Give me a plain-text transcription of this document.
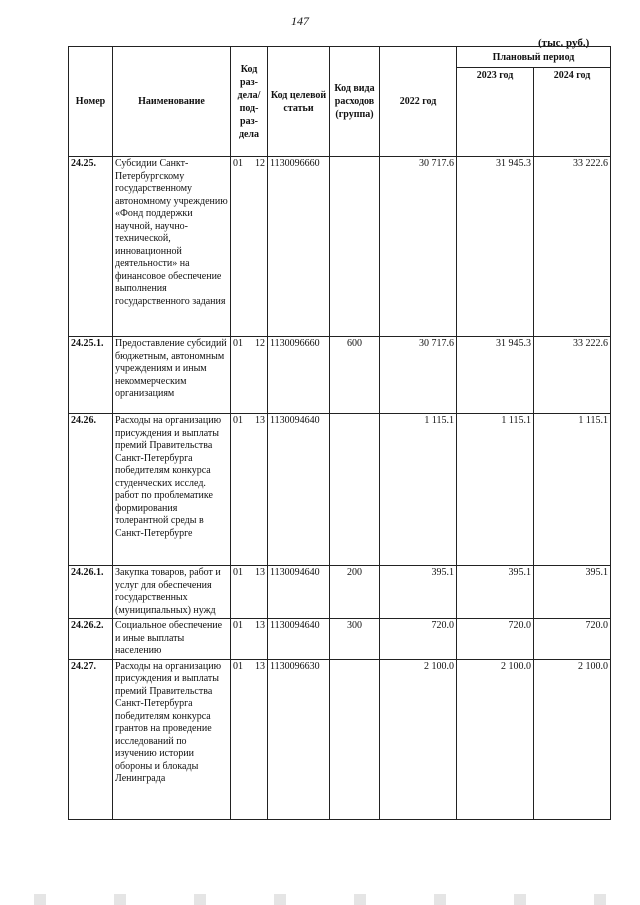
147
(тыс. руб.)
Номер	Наименование	Код раз-дела/ под-раз-дела	Код целевой статьи	Код вида расходов (группа)	2022 год	Плановый период	
						2023 год	2024 год
24.25.	Субсидии Санкт-Петербургскому государственному автономному учреждению «Фонд поддержки научной, научно-технической, инновационной деятельности» на финансовое обеспечение выполнения государственного задания	01 12	1130096660		30 717.6	31 945.3	33 222.6
24.25.1.	Предоставление субсидий бюджетным, автономным учреждениям и иным некоммерческим организациям	01 12	1130096660	600	30 717.6	31 945.3	33 222.6
24.26.	Расходы на организацию присуждения и выплаты премий Правительства Санкт-Петербурга победителям конкурса студенческих исслед. работ по проблематике формирования толерантной среды в Санкт-Петербурге	01 13	1130094640		1 115.1	1 115.1	1 115.1
24.26.1.	Закупка товаров, работ и услуг для обеспечения государственных (муниципальных) нужд	01 13	1130094640	200	395.1	395.1	395.1
24.26.2.	Социальное обеспечение и иные выплаты населению	01 13	1130094640	300	720.0	720.0	720.0
24.27.	Расходы на организацию присуждения и выплаты премий Правительства Санкт-Петербурга победителям конкурса грантов на проведение исследований по изучению истории обороны и блокады Ленинграда	01 13	1130096630		2 100.0	2 100.0	2 100.0
